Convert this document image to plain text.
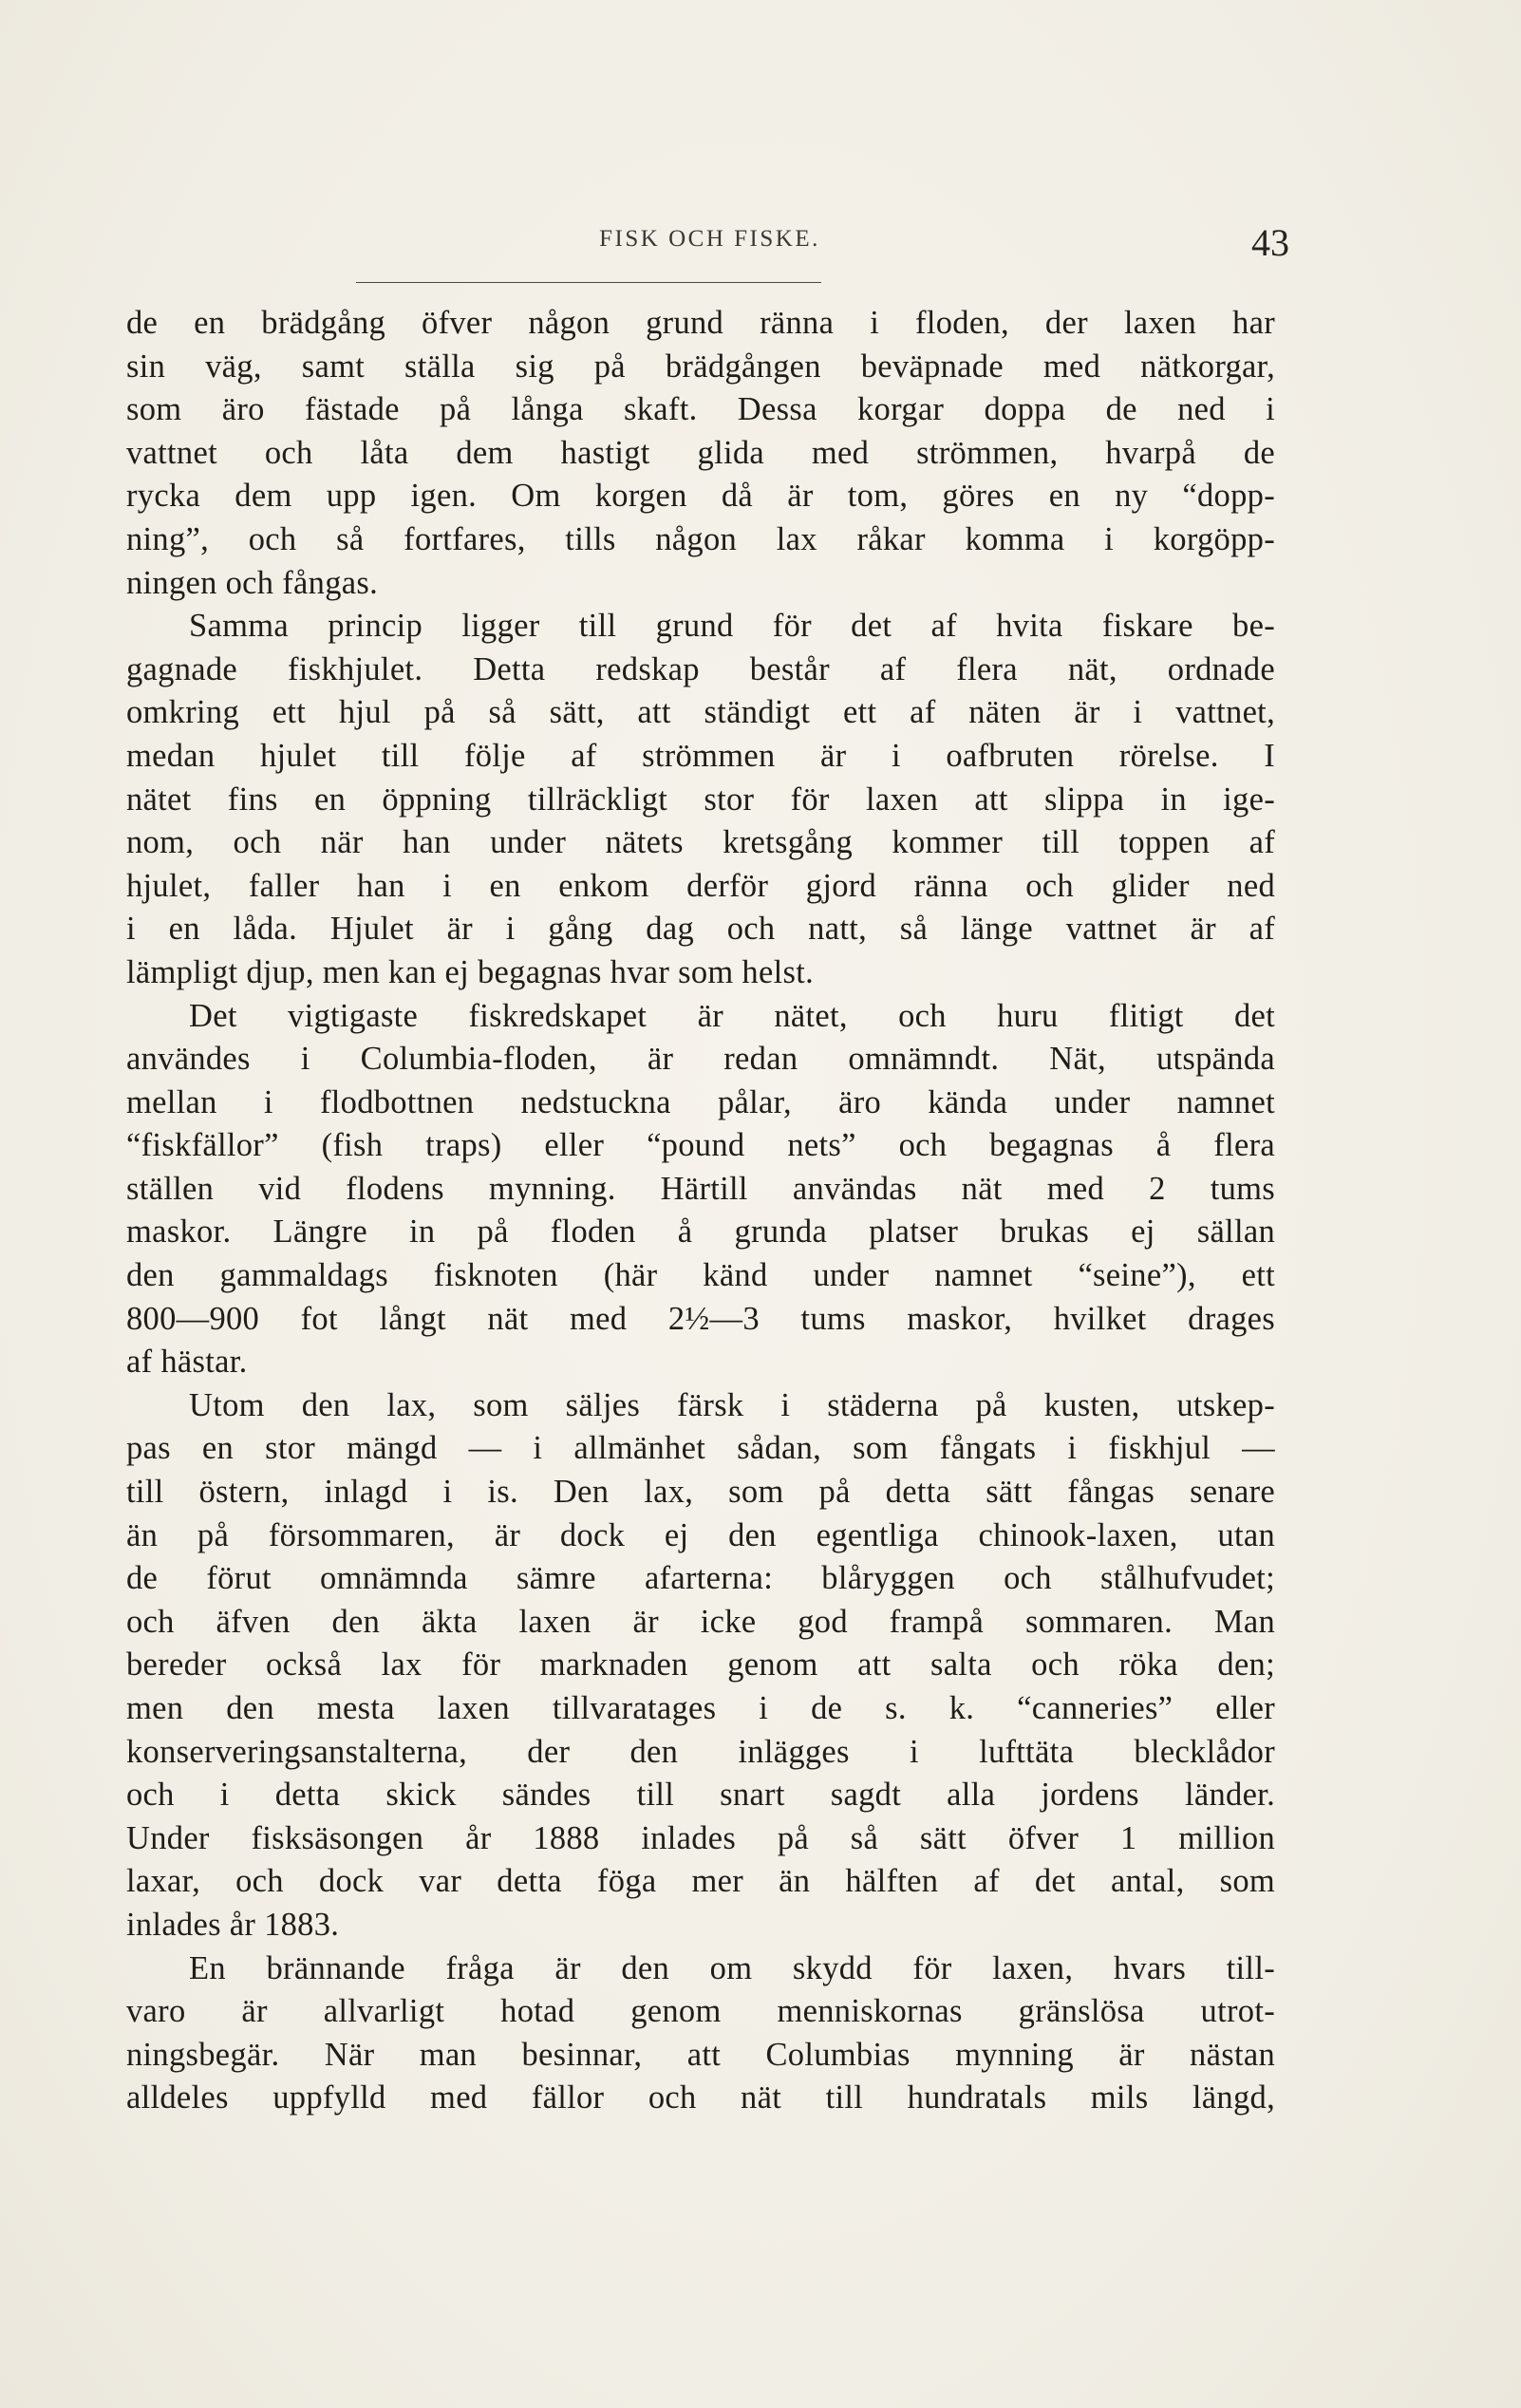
FISK OCH FISKE.	43
de en brädgång öfver någon grund ränna i floden, der laxen har
sin väg, samt ställa sig på brädgången beväpnade med nätkorgar,
som äro fästade på långa skaft. Dessa korgar doppa de ned i
vattnet och låta dem hastigt glida med strömmen, hvarpå de
rycka dem upp igen. Om korgen då är tom, göres en ny “dopp-
ning”, och så fortfares, tills någon lax råkar komma i korgöpp-
ningen och fångas.
Samma princip ligger till grund för det af hvita fiskare be-
gagnade fiskhjulet. Detta redskap består af flera nät, ordnade
omkring ett hjul på så sätt, att ständigt ett af näten är i vattnet,
medan hjulet till följe af strömmen är i oafbruten rörelse. I
nätet fins en öppning tillräckligt stor för laxen att slippa in ige-
nom, och när han under nätets kretsgång kommer till toppen af
hjulet, faller han i en enkom derför gjord ränna och glider ned
i en låda. Hjulet är i gång dag och natt, så länge vattnet är af
lämpligt djup, men kan ej begagnas hvar som helst.
Det vigtigaste fiskredskapet är nätet, och huru flitigt det
användes i Columbia-floden, är redan omnämndt. Nät, utspända
mellan i flodbottnen nedstuckna pålar, äro kända under namnet
“fiskfällor” (fish traps) eller “pound nets” och begagnas å flera
ställen vid flodens mynning. Härtill användas nät med 2 tums
maskor. Längre in på floden å grunda platser brukas ej sällan
den gammaldags fisknoten (här känd under namnet “seine”), ett
800—900 fot långt nät med 2½—3 tums maskor, hvilket drages
af hästar.
Utom den lax, som säljes färsk i städerna på kusten, utskep-
pas en stor mängd — i allmänhet sådan, som fångats i fiskhjul —
till östern, inlagd i is. Den lax, som på detta sätt fångas senare
än på försommaren, är dock ej den egentliga chinook-laxen, utan
de förut omnämnda sämre afarterna: blåryggen och stålhufvudet;
och äfven den äkta laxen är icke god frampå sommaren. Man
bereder också lax för marknaden genom att salta och röka den;
men den mesta laxen tillvaratages i de s. k. “canneries” eller
konserveringsanstalterna, der den inlägges i lufttäta blecklådor
och i detta skick sändes till snart sagdt alla jordens länder.
Under fisksäsongen år 1888 inlades på så sätt öfver 1 million
laxar, och dock var detta föga mer än hälften af det antal, som
inlades år 1883.
En brännande fråga är den om skydd för laxen, hvars till-
varo är allvarligt hotad genom menniskornas gränslösa utrot-
ningsbegär. När man besinnar, att Columbias mynning är nästan
alldeles uppfylld med fällor och nät till hundratals mils längd,
